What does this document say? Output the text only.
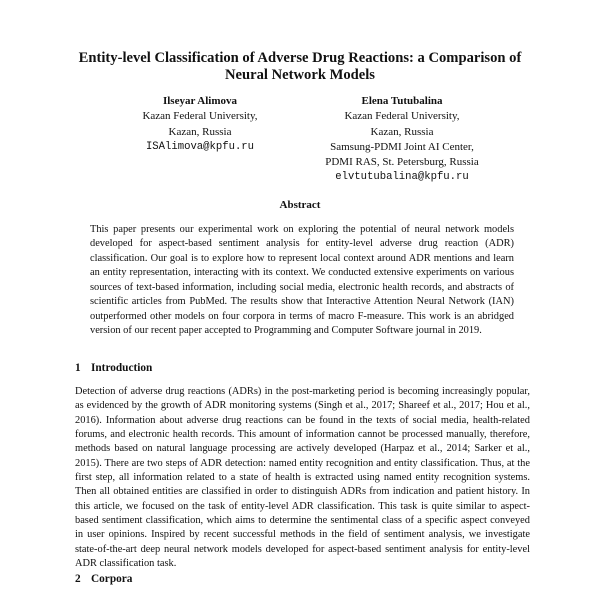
Entity-level Classification of Adverse Drug Reactions: a Comparison of Neural Network Models
Ilseyar Alimova
Kazan Federal University,
Kazan, Russia
ISAlimova@kpfu.ru
Elena Tutubalina
Kazan Federal University,
Kazan, Russia
Samsung-PDMI Joint AI Center,
PDMI RAS, St. Petersburg, Russia
elvtutubalina@kpfu.ru
Abstract
This paper presents our experimental work on exploring the potential of neural network models developed for aspect-based sentiment analysis for entity-level adverse drug reaction (ADR) classification. Our goal is to explore how to represent local context around ADR mentions and learn an entity representation, interacting with its context. We conducted extensive experiments on various sources of text-based information, including social media, electronic health records, and abstracts of scientific articles from PubMed. The results show that Interactive Attention Neural Network (IAN) outperformed other models on four corpora in terms of macro F-measure. This work is an abridged version of our recent paper accepted to Programming and Computer Software journal in 2019.
1 Introduction
Detection of adverse drug reactions (ADRs) in the post-marketing period is becoming increasingly popular, as evidenced by the growth of ADR monitoring systems (Singh et al., 2017; Shareef et al., 2017; Hou et al., 2016). Information about adverse drug reactions can be found in the texts of social media, health-related forums, and electronic health records. This amount of information cannot be processed manually, therefore, methods based on natural language processing are actively developed (Harpaz et al., 2014; Sarker et al., 2015). There are two steps of ADR detection: named entity recognition and entity classification. Thus, at the first step, all information related to a state of health is extracted using named entity recognition systems. Then all obtained entities are classified in order to distinguish ADRs from indication and patient history. In this article, we focused on the task of entity-level ADR classification. This task is quite similar to aspect-based sentiment classification, which aims to determine the sentimental class of a specific aspect conveyed in user opinions. Inspired by recent successful methods in the field of sentiment analysis, we investigate state-of-the-art deep neural network models developed for aspect-based sentiment analysis for entity-level ADR classification task.
2 Corpora
